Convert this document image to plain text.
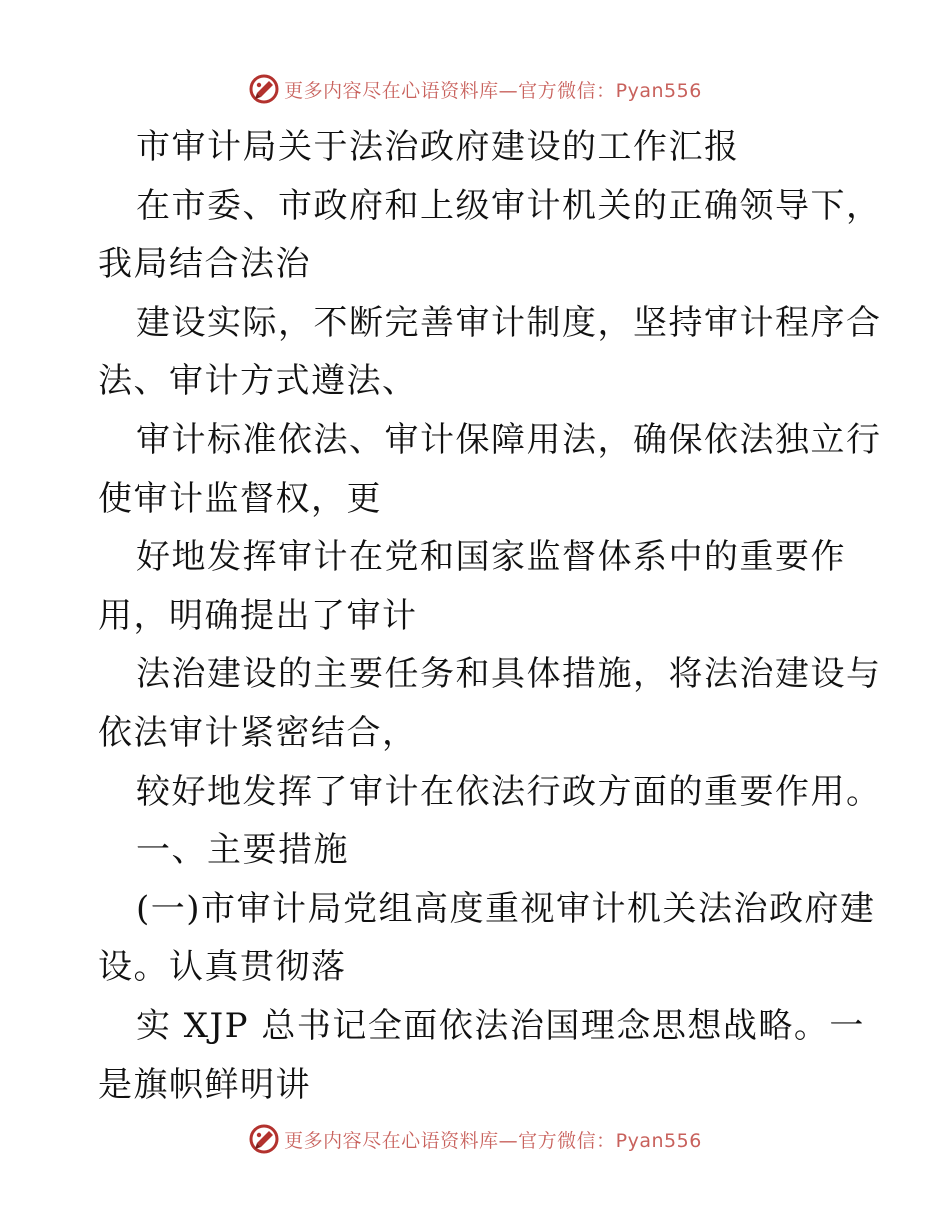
更多内容尽在心语资料库—官方微信：Pyan556
市审计局关于法治政府建设的工作汇报
在市委、市政府和上级审计机关的正确领导下，
我局结合法治
建设实际，不断完善审计制度，坚持审计程序合
法、审计方式遵法、
审计标准依法、审计保障用法，确保依法独立行
使审计监督权，更
好地发挥审计在党和国家监督体系中的重要作
用，明确提出了审计
法治建设的主要任务和具体措施，将法治建设与
依法审计紧密结合，
较好地发挥了审计在依法行政方面的重要作用。
一、主要措施
(一)市审计局党组高度重视审计机关法治政府建
设。认真贯彻落
实 XJP 总书记全面依法治国理念思想战略。一
是旗帜鲜明讲
更多内容尽在心语资料库—官方微信：Pyan556
